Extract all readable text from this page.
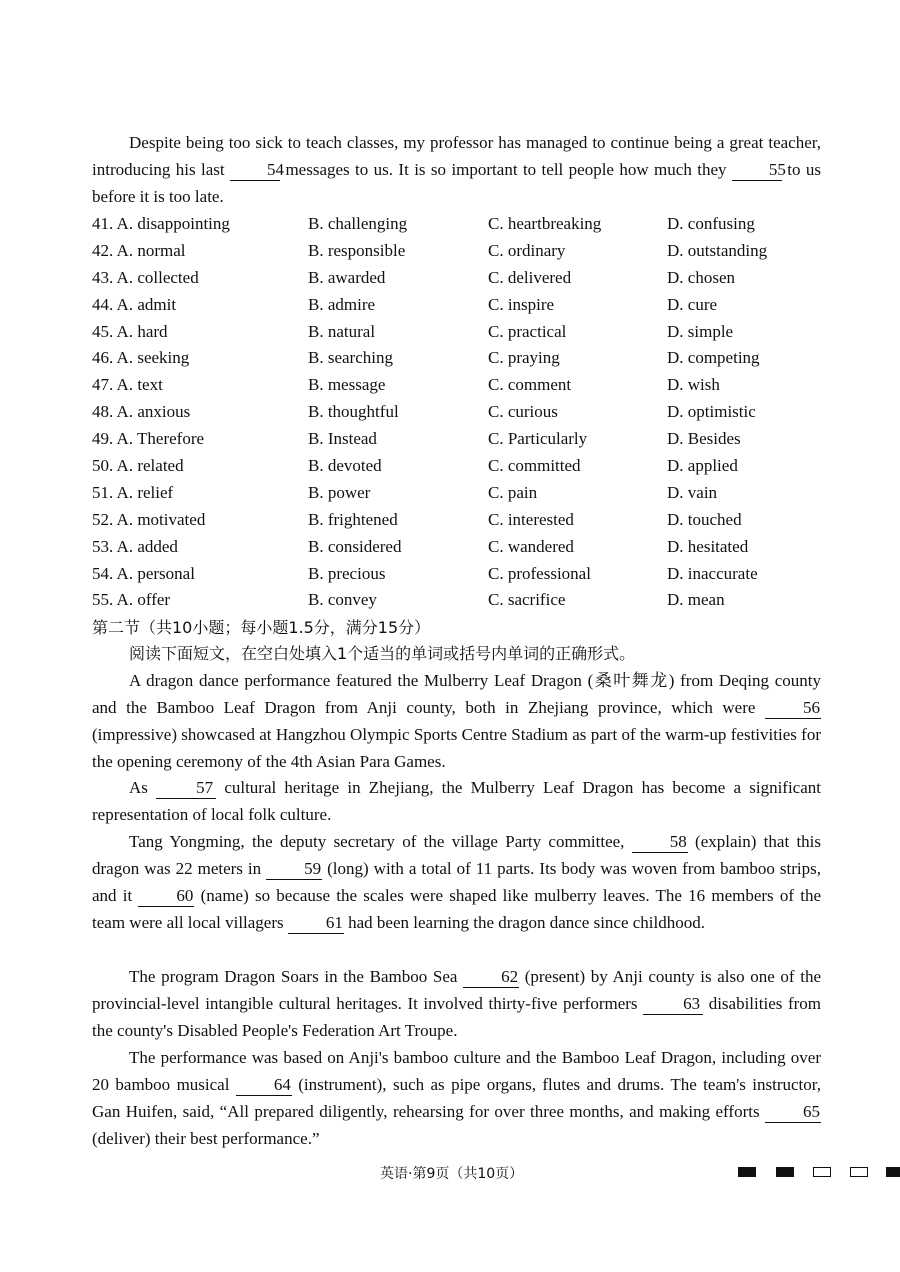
Despite being too sick to teach classes, my professor has managed to continue being a great teacher, introducing his last 54 messages to us. It is so important to tell people how much they 55 to us before it is too late.

41. A. disappointing	B. challenging	C. heartbreaking	D. confusing
42. A. normal	B. responsible	C. ordinary	D. outstanding
43. A. collected	B. awarded	C. delivered	D. chosen
44. A. admit	B. admire	C. inspire	D. cure
45. A. hard	B. natural	C. practical	D. simple
46. A. seeking	B. searching	C. praying	D. competing
47. A. text	B. message	C. comment	D. wish
48. A. anxious	B. thoughtful	C. curious	D. optimistic
49. A. Therefore	B. Instead	C. Particularly	D. Besides
50. A. related	B. devoted	C. committed	D. applied
51. A. relief	B. power	C. pain	D. vain
52. A. motivated	B. frightened	C. interested	D. touched
53. A. added	B. considered	C. wandered	D. hesitated
54. A. personal	B. precious	C. professional	D. inaccurate
55. A. offer	B. convey	C. sacrifice	D. mean
第二节（共10小题；每小题1.5分，满分15分）
阅读下面短文，在空白处填入1个适当的单词或括号内单词的正确形式。

A dragon dance performance featured the Mulberry Leaf Dragon (桑叶舞龙) from Deqing county and the Bamboo Leaf Dragon from Anji county, both in Zhejiang province, which were	56 (impressive) showcased at Hangzhou Olympic Sports Centre Stadium as part of the warm-up festivities for the opening ceremony of the 4th Asian Para Games.

As	57 cultural heritage in Zhejiang, the Mulberry Leaf Dragon has become a significant representation of local folk culture.

Tang Yongming, the deputy secretary of the village Party committee,	58 (explain) that this dragon was 22 meters in	59 (long) with a total of 11 parts. Its body was woven from bamboo strips, and it	60 (name) so because the scales were shaped like mulberry leaves. The 16 members of the team were all local villagers 61 had been learning the dragon dance since childhood.

The program Dragon Soars in the Bamboo Sea	62 (present) by Anji county is also one of the provincial-level intangible cultural heritages. It involved thirty-five performers	63 disabilities from the county's Disabled People's Federation Art Troupe.

The performance was based on Anji's bamboo culture and the Bamboo Leaf Dragon, including over 20 bamboo musical	64 (instrument), such as pipe organs, flutes and drums. The team's instructor, Gan Huifen, said, “All prepared diligently, rehearsing for over three months, and making efforts	65 (deliver) their best performance.”

英语·第9页（共10页）
